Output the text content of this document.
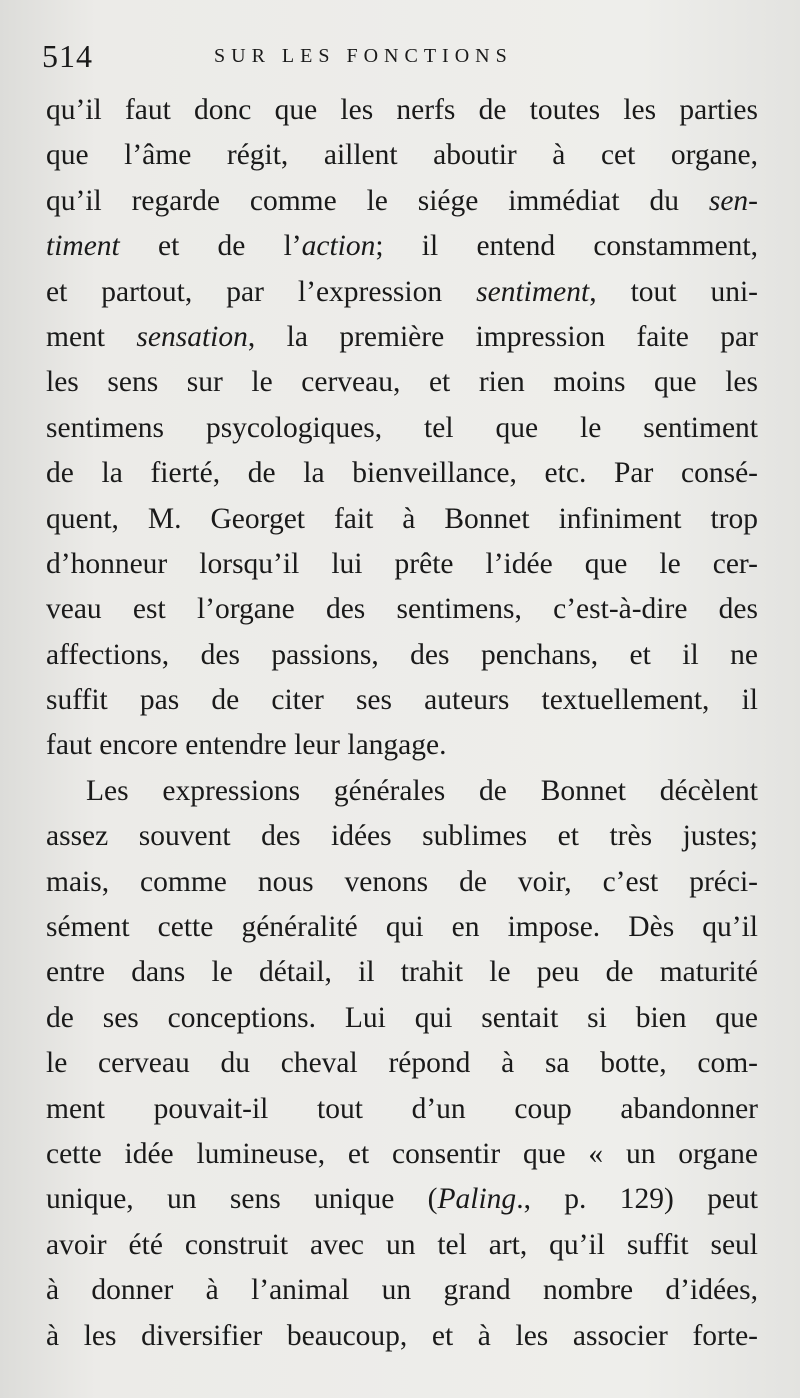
514	SUR LES FONCTIONS
qu’il faut donc que les nerfs de toutes les parties
que l’âme régit, aillent aboutir à cet organe,
qu’il regarde comme le siége immédiat du sen-
timent et de l’action; il entend constamment,
et partout, par l’expression sentiment, tout uni-
ment sensation, la première impression faite par
les sens sur le cerveau, et rien moins que les
sentimens psycologiques, tel que le sentiment
de la fierté, de la bienveillance, etc. Par consé-
quent, M. Georget fait à Bonnet infiniment trop
d’honneur lorsqu’il lui prête l’idée que le cer-
veau est l’organe des sentimens, c’est-à-dire des
affections, des passions, des penchans, et il ne
suffit pas de citer ses auteurs textuellement, il
faut encore entendre leur langage.
Les expressions générales de Bonnet décèlent
assez souvent des idées sublimes et très justes;
mais, comme nous venons de voir, c’est préci-
sément cette généralité qui en impose. Dès qu’il
entre dans le détail, il trahit le peu de maturité
de ses conceptions. Lui qui sentait si bien que
le cerveau du cheval répond à sa botte, com-
ment pouvait-il tout d’un coup abandonner
cette idée lumineuse, et consentir que « un organe
unique, un sens unique (Paling., p. 129) peut
avoir été construit avec un tel art, qu’il suffit seul
à donner à l’animal un grand nombre d’idées,
à les diversifier beaucoup, et à les associer forte-
